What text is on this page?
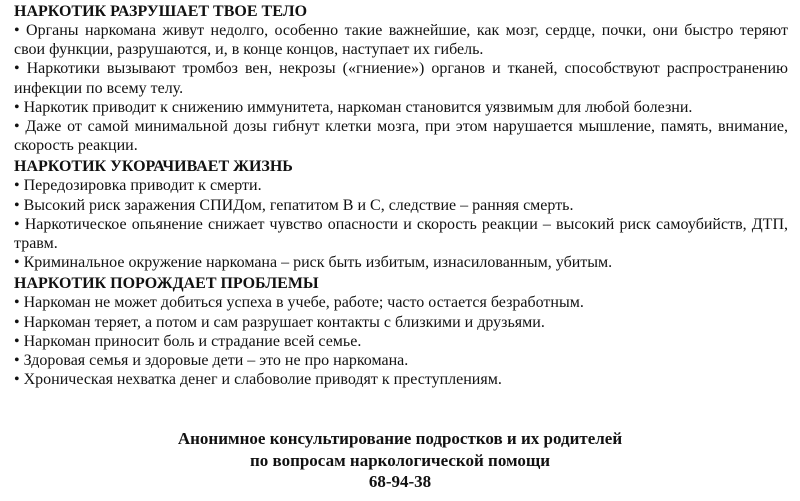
НАРКОТИК РАЗРУШАЕТ ТВОЕ ТЕЛО

• Органы наркомана живут недолго, особенно такие важнейшие, как мозг, сердце, почки, они быстро теряют свои функции, разрушаются, и, в конце концов, наступает их гибель.

• Наркотики вызывают тромбоз вен, некрозы («гниение») органов и тканей, способствуют распространению инфекции по всему телу.

• Наркотик приводит к снижению иммунитета, наркоман становится уязвимым для любой болезни.

• Даже от самой минимальной дозы гибнут клетки мозга, при этом нарушается мышление, память, внимание, скорость реакции.

НАРКОТИК УКОРАЧИВАЕТ ЖИЗНЬ

• Передозировка приводит к смерти.

• Высокий риск заражения СПИДом, гепатитом В и С, следствие – ранняя смерть.

• Наркотическое опьянение снижает чувство опасности и скорость реакции – высокий риск самоубийств, ДТП, травм.

• Криминальное окружение наркомана – риск быть избитым, изнасилованным, убитым.

НАРКОТИК ПОРОЖДАЕТ ПРОБЛЕМЫ

• Наркоман не может добиться успеха в учебе, работе; часто остается безработным.

• Наркоман теряет, а потом и сам разрушает контакты с близкими и друзьями.

• Наркоман приносит боль и страдание всей семье.

• Здоровая семья и здоровые дети – это не про наркомана.

• Хроническая нехватка денег и слабоволие приводят к преступлениям.

Анонимное консультирование подростков и их родителей
по вопросам наркологической помощи
68-94-38
